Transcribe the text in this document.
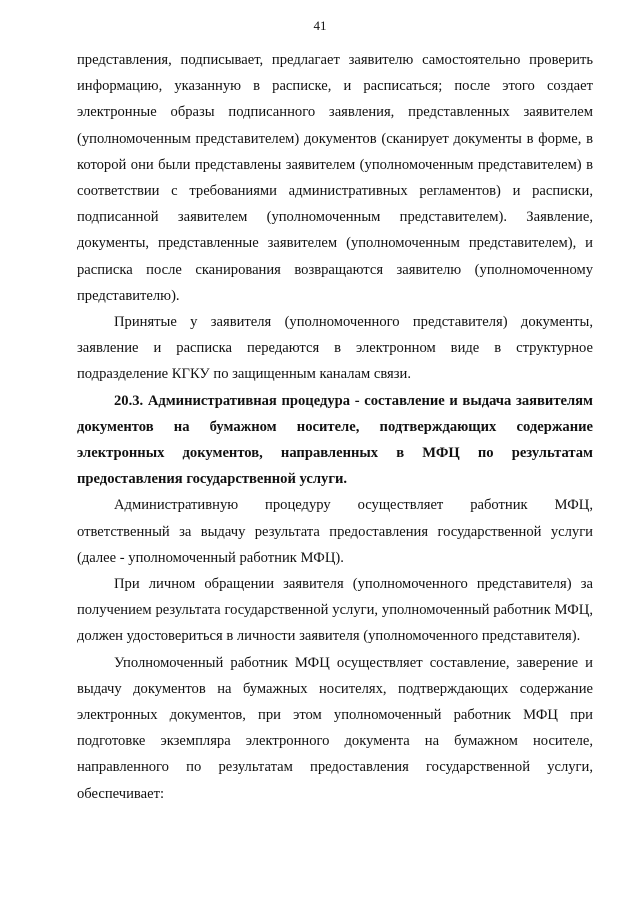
41

представления, подписывает, предлагает заявителю самостоятельно проверить информацию, указанную в расписке, и расписаться; после этого создает электронные образы подписанного заявления, представленных заявителем (уполномоченным представителем) документов (сканирует документы в форме, в которой они были представлены заявителем (уполномоченным представителем) в соответствии с требованиями административных регламентов) и расписки, подписанной заявителем (уполномоченным представителем). Заявление, документы, представленные заявителем (уполномоченным представителем), и расписка после сканирования возвращаются заявителю (уполномоченному представителю).

Принятые у заявителя (уполномоченного представителя) документы, заявление и расписка передаются в электронном виде в структурное подразделение КГКУ по защищенным каналам связи.

20.3. Административная процедура - составление и выдача заявителям документов на бумажном носителе, подтверждающих содержание электронных документов, направленных в МФЦ по результатам предоставления государственной услуги.

Административную процедуру осуществляет работник МФЦ, ответственный за выдачу результата предоставления государственной услуги (далее - уполномоченный работник МФЦ).

При личном обращении заявителя (уполномоченного представителя) за получением результата государственной услуги, уполномоченный работник МФЦ, должен удостовериться в личности заявителя (уполномоченного представителя).

Уполномоченный работник МФЦ осуществляет составление, заверение и выдачу документов на бумажных носителях, подтверждающих содержание электронных документов, при этом уполномоченный работник МФЦ при подготовке экземпляра электронного документа на бумажном носителе, направленного по результатам предоставления государственной услуги, обеспечивает:
